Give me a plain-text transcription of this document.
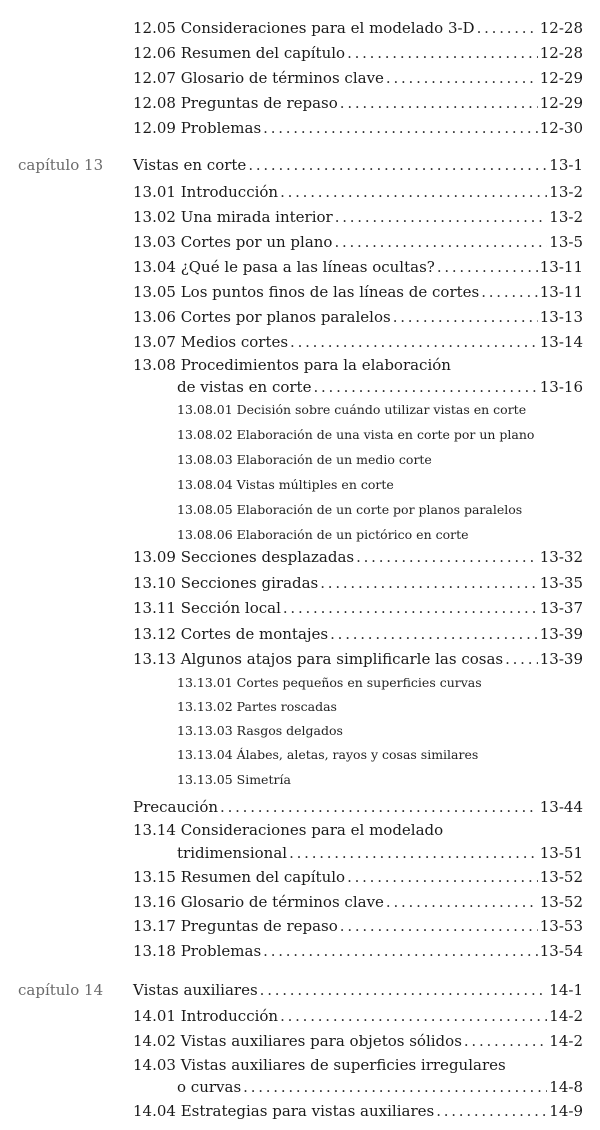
12.05 Consideraciones para el modelado 3-D . . .	12-28
12.06 Resumen del capítulo . . .	12-28
12.07 Glosario de términos clave . . .	12-29
12.08 Preguntas de repaso . . .	12-29
12.09 Problemas . . .	12-30
capítulo 13 Vistas en corte . . .	13-1
13.01 Introducción . . .	13-2
13.02 Una mirada interior . . .	13-2
13.03 Cortes por un plano . . .	13-5
13.04 ¿Qué le pasa a las líneas ocultas? . . .	13-11
13.05 Los puntos finos de las líneas de cortes . . .	13-11
13.06 Cortes por planos paralelos . . .	13-13
13.07 Medios cortes . . .	13-14
13.08 Procedimientos para la elaboración
de vistas en corte . . .	13-16
13.08.01 Decisión sobre cuándo utilizar vistas en corte
13.08.02 Elaboración de una vista en corte por un plano
13.08.03 Elaboración de un medio corte
13.08.04 Vistas múltiples en corte
13.08.05 Elaboración de un corte por planos paralelos
13.08.06 Elaboración de un pictórico en corte
13.09 Secciones desplazadas . . .	13-32
13.10 Secciones giradas . . .	13-35
13.11 Sección local . . .	13-37
13.12 Cortes de montajes . . .	13-39
13.13 Algunos atajos para simplificarle las cosas . . . 13-39
13.13.01 Cortes pequeños en superficies curvas
13.13.02 Partes roscadas
13.13.03 Rasgos delgados
13.13.04 Álabes, aletas, rayos y cosas similares
13.13.05 Simetría
Precaución . . .	13-44
13.14 Consideraciones para el modelado
tridimensional . . .	13-51
13.15 Resumen del capítulo . . .	13-52
13.16 Glosario de términos clave . . .	13-52
13.17 Preguntas de repaso . . .	13-53
13.18 Problemas . . .	13-54
capítulo 14 Vistas auxiliares . . .	14-1
14.01 Introducción . . .	14-2
14.02 Vistas auxiliares para objetos sólidos . . .	14-2
14.03 Vistas auxiliares de superficies irregulares
o curvas . . .	14-8
14.04 Estrategias para vistas auxiliares . . .	14-9
